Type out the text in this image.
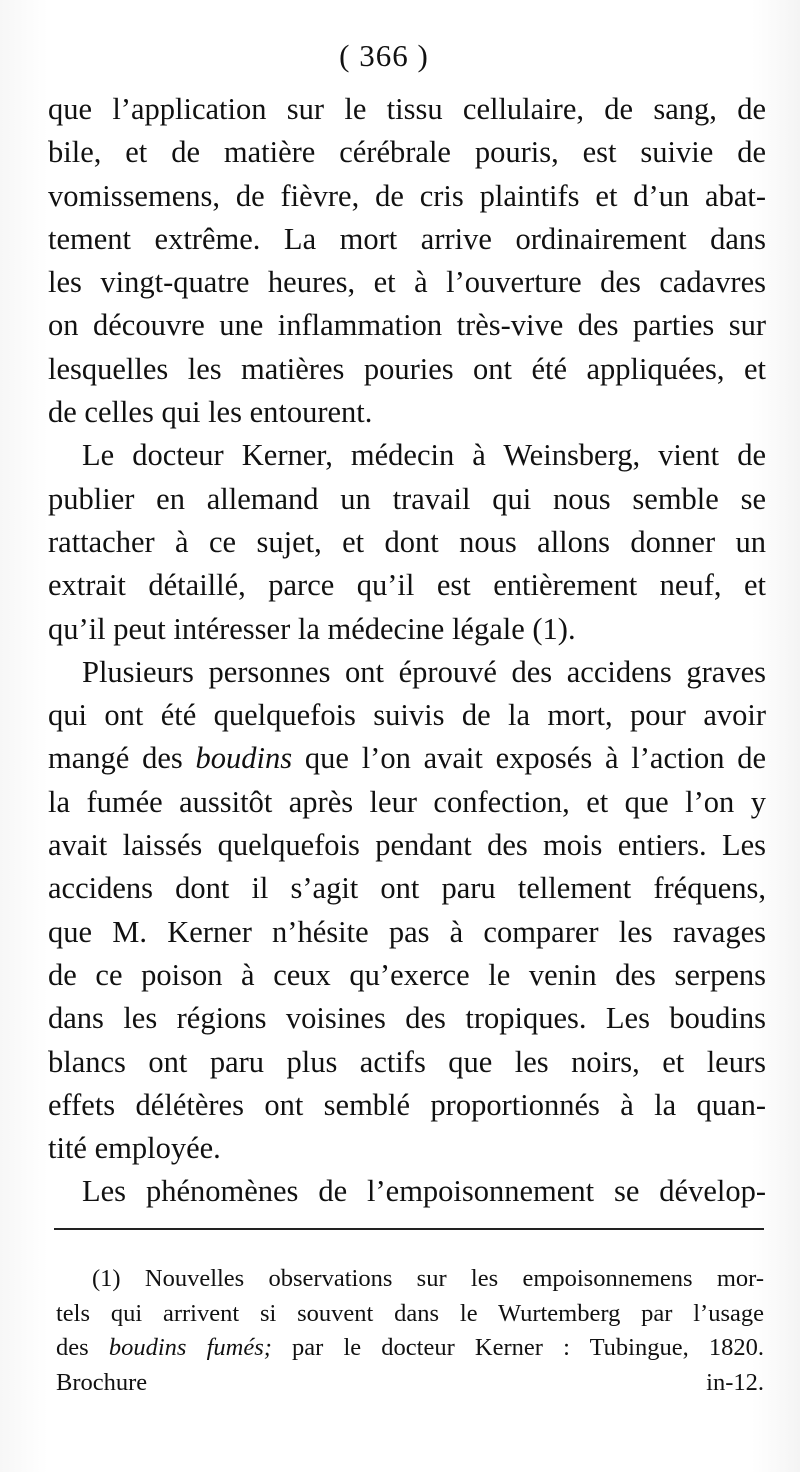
( 366 )

que l’application sur le tissu cellulaire, de sang, de
bile, et de matière cérébrale pouris, est suivie de
vomissemens, de fièvre, de cris plaintifs et d’un abat-
tement extrême. La mort arrive ordinairement dans
les vingt-quatre heures, et à l’ouverture des cadavres
on découvre une inflammation très-vive des parties sur
lesquelles les matières pouries ont été appliquées, et
de celles qui les entourent.

Le docteur Kerner, médecin à Weinsberg, vient de
publier en allemand un travail qui nous semble se
rattacher à ce sujet, et dont nous allons donner un
extrait détaillé, parce qu’il est entièrement neuf, et
qu’il peut intéresser la médecine légale (1).

Plusieurs personnes ont éprouvé des accidens graves
qui ont été quelquefois suivis de la mort, pour avoir
mangé des boudins que l’on avait exposés à l’action de
la fumée aussitôt après leur confection, et que l’on y
avait laissés quelquefois pendant des mois entiers. Les
accidens dont il s’agit ont paru tellement fréquens,
que M. Kerner n’hésite pas à comparer les ravages
de ce poison à ceux qu’exerce le venin des serpens
dans les régions voisines des tropiques. Les boudins
blancs ont paru plus actifs que les noirs, et leurs
effets délétères ont semblé proportionnés à la quan-
tité employée.

Les phénomènes de l’empoisonnement se dévelop-

(1) Nouvelles observations sur les empoisonnemens mor-
tels qui arrivent si souvent dans le Wurtemberg par l’usage
des boudins fumés; par le docteur Kerner : Tubingue, 1820.
Brochure in-12.
